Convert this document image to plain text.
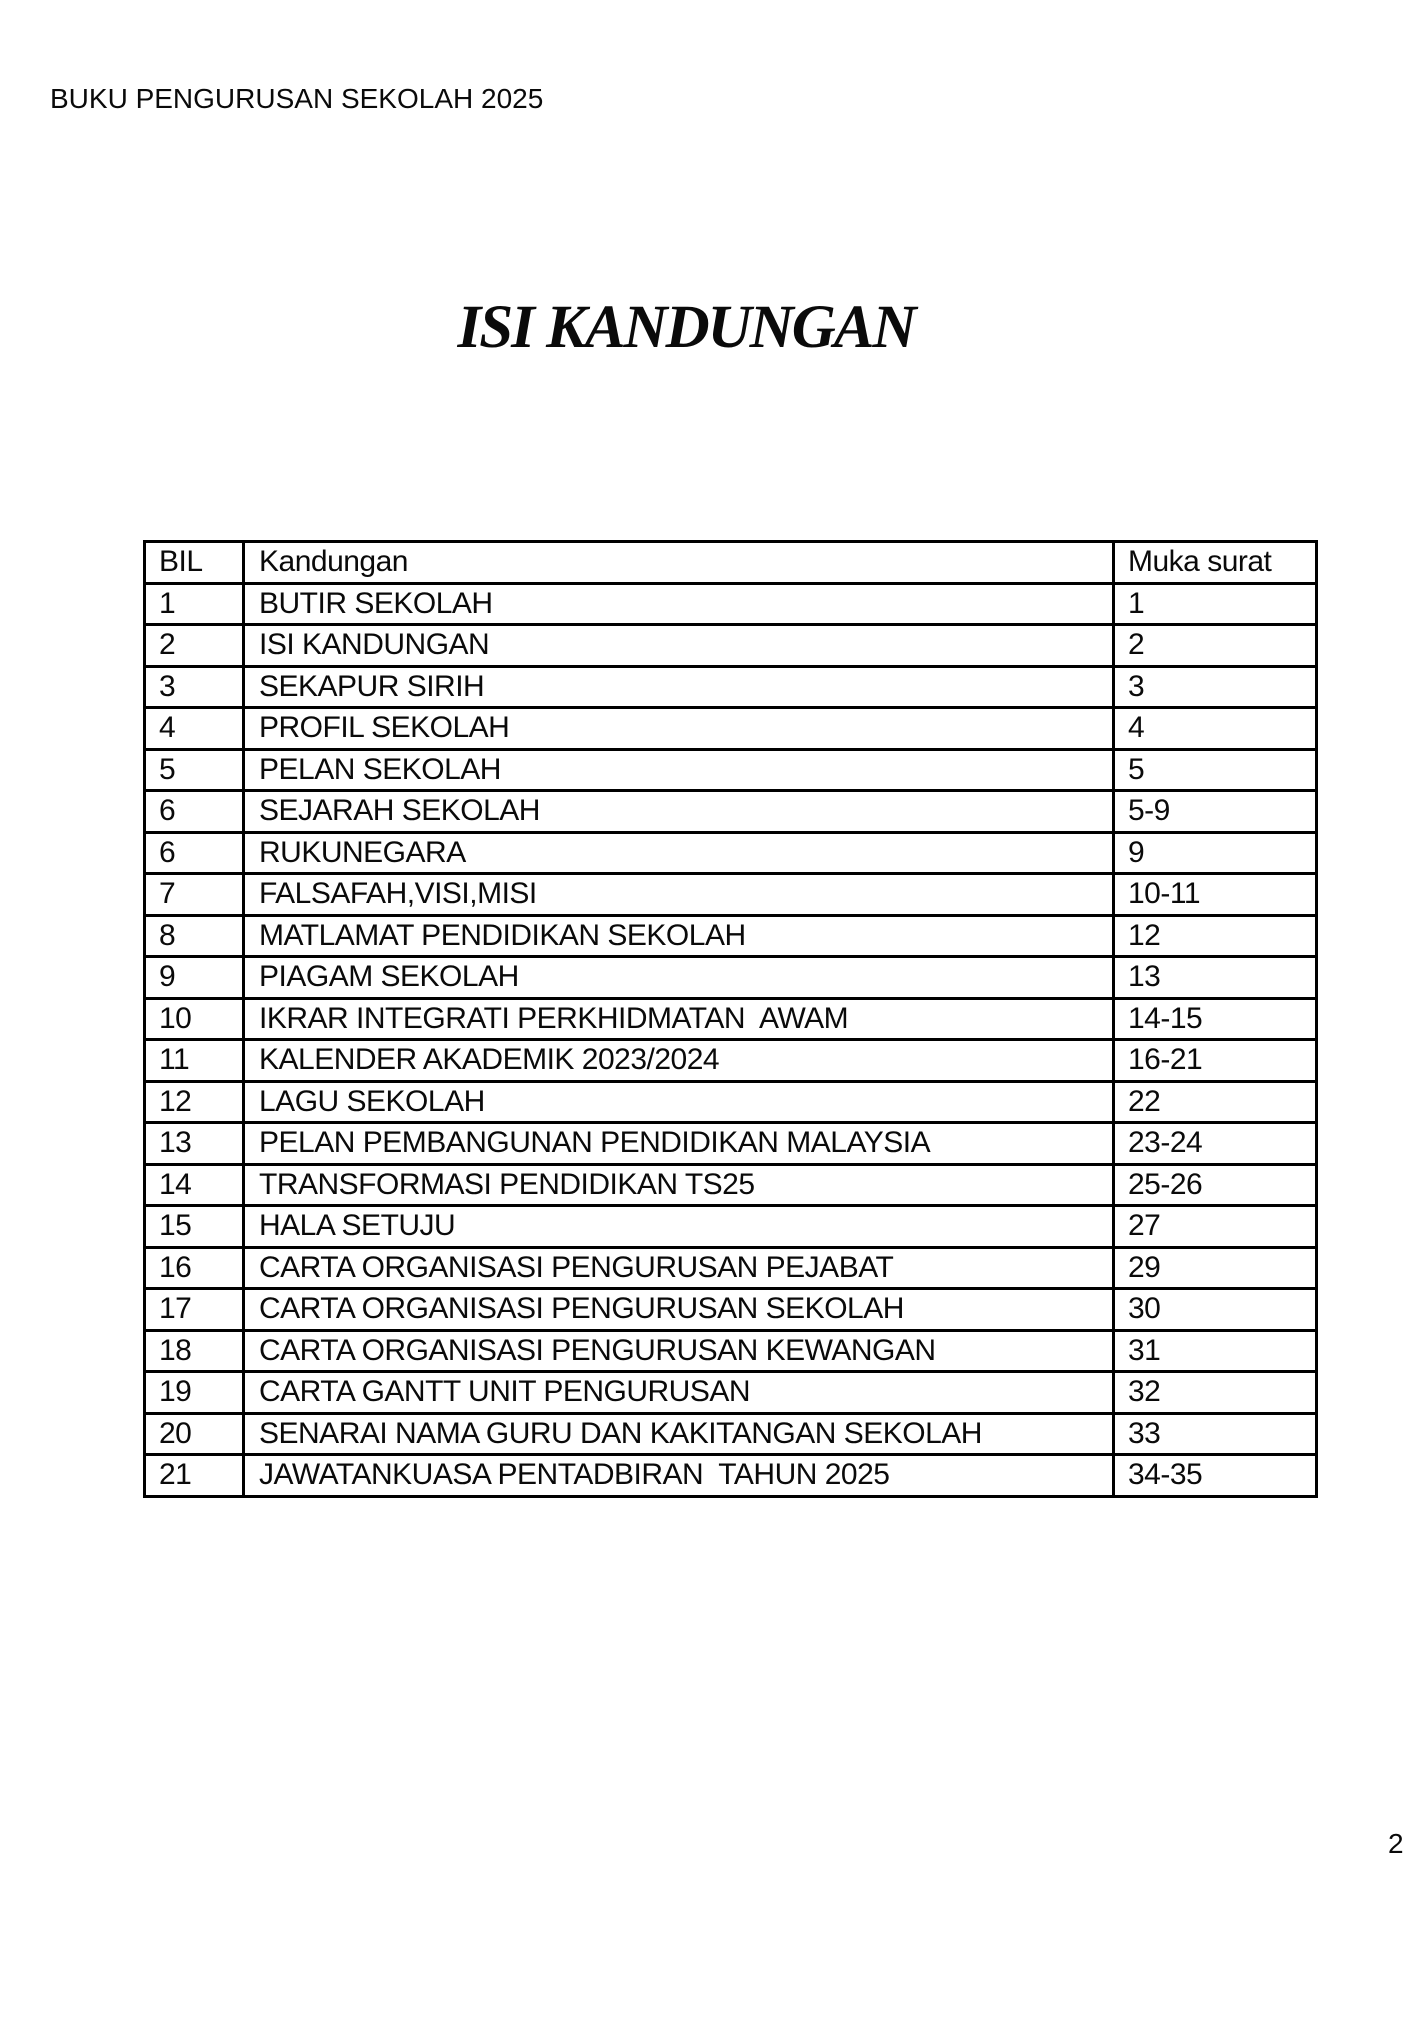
BUKU PENGURUSAN SEKOLAH 2025
ISI KANDUNGAN
BIL	Kandungan	Muka surat
1	BUTIR SEKOLAH	1
2	ISI KANDUNGAN	2
3	SEKAPUR SIRIH	3
4	PROFIL SEKOLAH	4
5	PELAN SEKOLAH	5
6	SEJARAH SEKOLAH	5-9
6	RUKUNEGARA	9
7	FALSAFAH,VISI,MISI	10-11
8	MATLAMAT PENDIDIKAN SEKOLAH	12
9	PIAGAM SEKOLAH	13
10	IKRAR INTEGRATI PERKHIDMATAN  AWAM	14-15
11	KALENDER AKADEMIK 2023/2024	16-21
12	LAGU SEKOLAH	22
13	PELAN PEMBANGUNAN PENDIDIKAN MALAYSIA	23-24
14	TRANSFORMASI PENDIDIKAN TS25	25-26
15	HALA SETUJU	27
16	CARTA ORGANISASI PENGURUSAN PEJABAT	29
17	CARTA ORGANISASI PENGURUSAN SEKOLAH	30
18	CARTA ORGANISASI PENGURUSAN KEWANGAN	31
19	CARTA GANTT UNIT PENGURUSAN	32
20	SENARAI NAMA GURU DAN KAKITANGAN SEKOLAH	33
21	JAWATANKUASA PENTADBIRAN  TAHUN 2025	34-35
2
